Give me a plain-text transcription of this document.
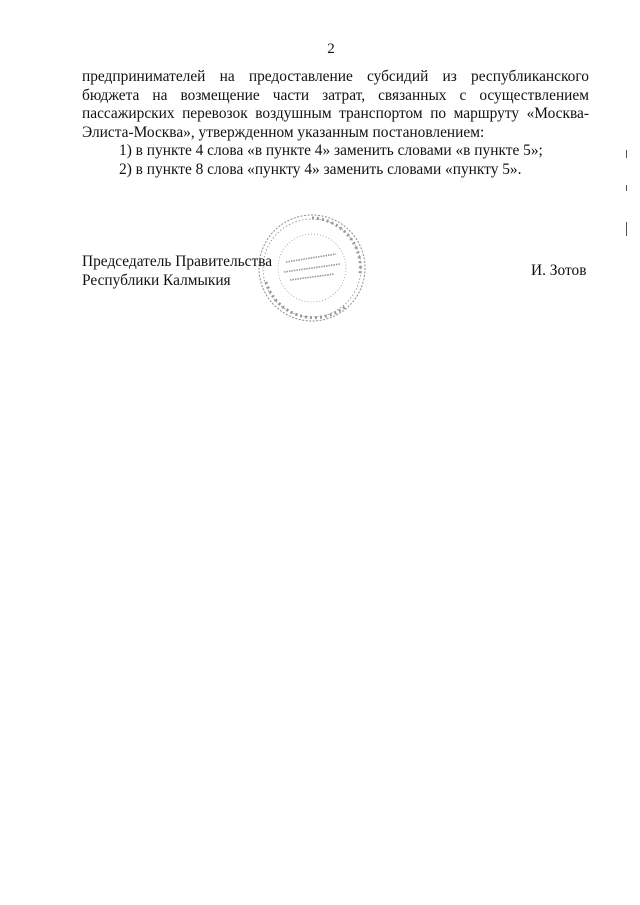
2

предпринимателей на предоставление субсидий из республиканского бюджета на возмещение части затрат, связанных с осуществлением пассажирских перевозок воздушным транспортом по маршруту «Москва-Элиста-Москва», утвержденном указанным постановлением:

1) в пункте 4 слова «в пункте 4» заменить словами «в пункте 5»;

2) в пункте 8 слова «пункту 4» заменить словами «пункту 5».

Председатель Правительства
Республики Калмыкия
И. Зотов
